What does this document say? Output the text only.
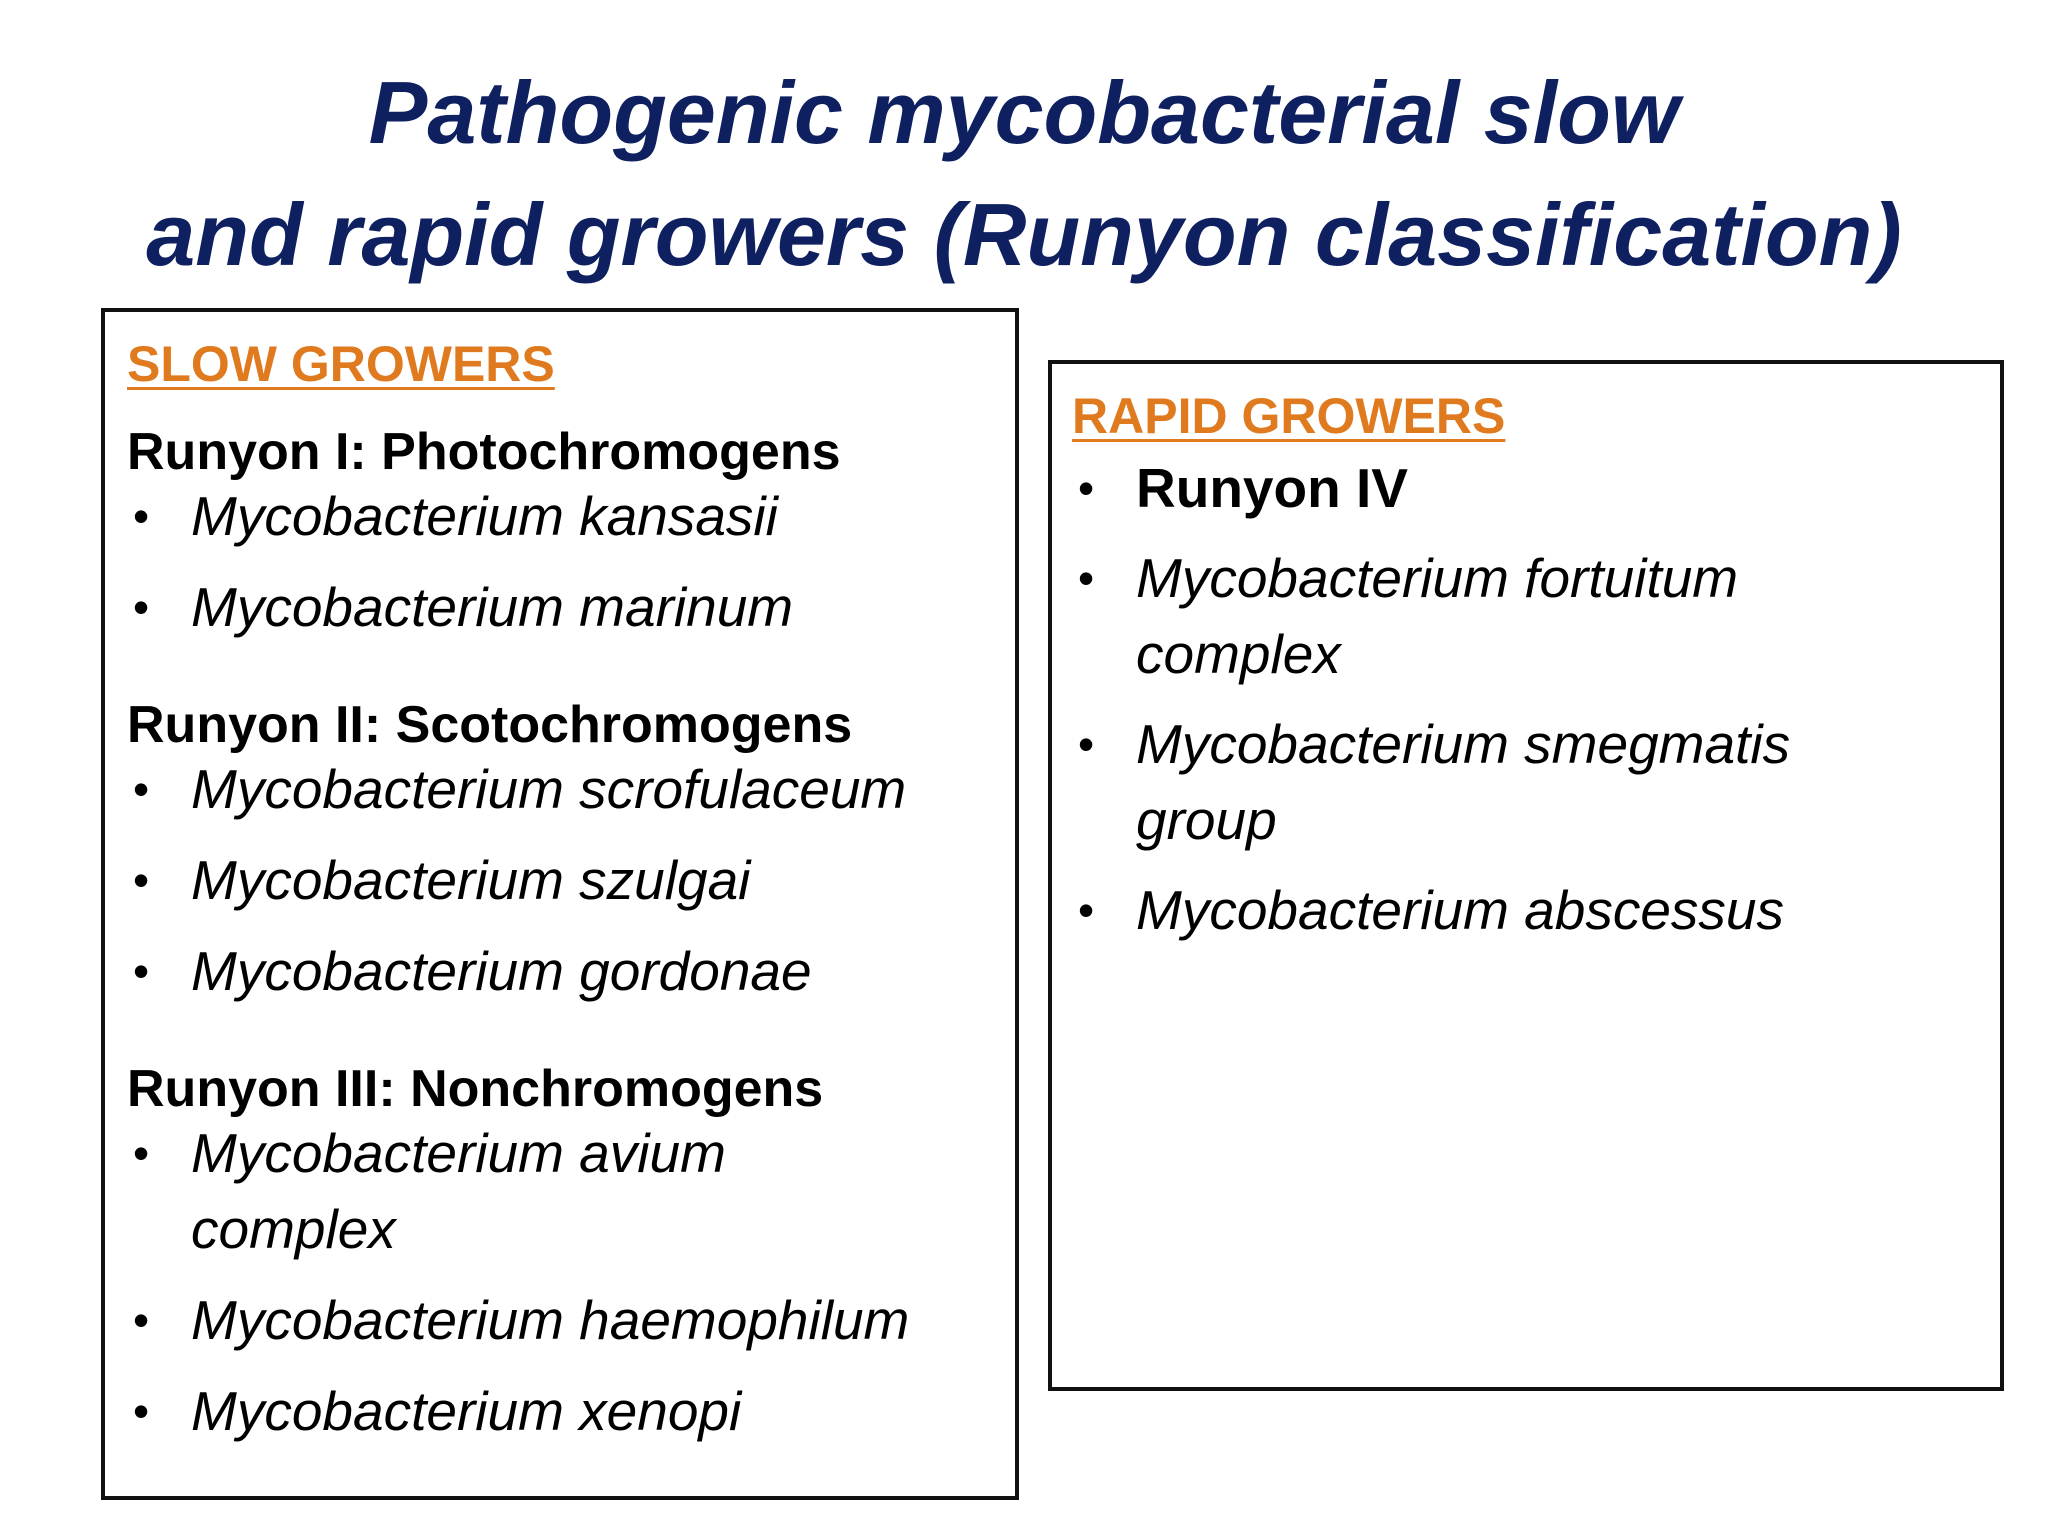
Pathogenic mycobacterial slow
and rapid growers (Runyon classification)
SLOW GROWERS
Runyon I: Photochromogens
• Mycobacterium kansasii
• Mycobacterium marinum
Runyon II: Scotochromogens
• Mycobacterium scrofulaceum
• Mycobacterium szulgai
• Mycobacterium gordonae
Runyon III: Nonchromogens
• Mycobacterium avium complex
• Mycobacterium haemophilum
• Mycobacterium xenopi
RAPID GROWERS
• Runyon IV
• Mycobacterium fortuitum complex
• Mycobacterium smegmatis group
• Mycobacterium abscessus
